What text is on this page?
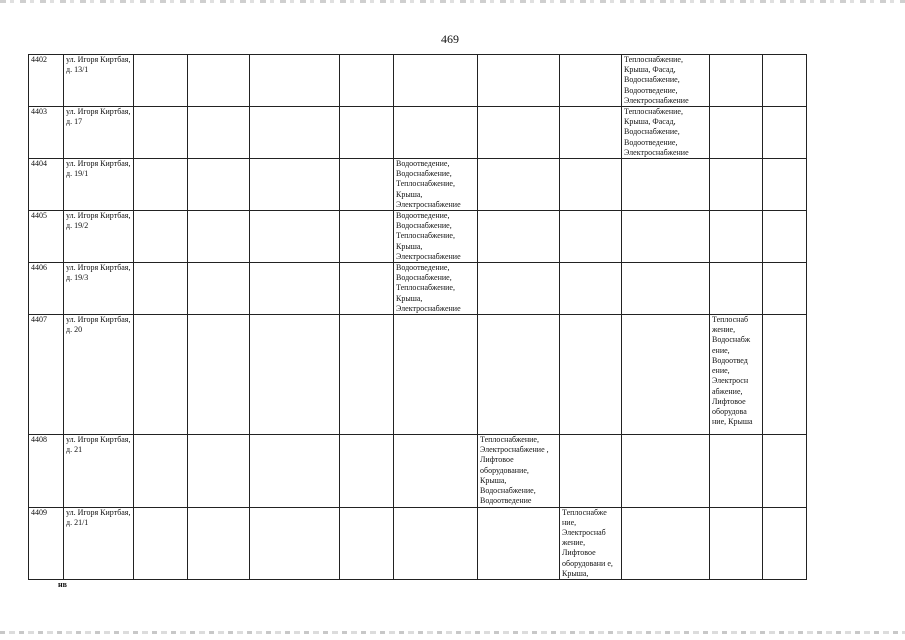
469
4402	ул. Игоря Киртбая, д. 13/1								Теплоснабжение, Крыша, Фасад, Водоснабжение, Водоотведение, Электроснабжение		
4403	ул. Игоря Киртбая, д. 17								Теплоснабжение, Крыша, Фасад, Водоснабжение, Водоотведение, Электроснабжение		
4404	ул. Игоря Киртбая, д. 19/1					Водоотведение, Водоснабжение, Теплоснабжение, Крыша, Электроснабжение					
4405	ул. Игоря Киртбая, д. 19/2					Водоотведение, Водоснабжение, Теплоснабжение, Крыша, Электроснабжение					
4406	ул. Игоря Киртбая, д. 19/3					Водоотведение, Водоснабжение, Теплоснабжение, Крыша, Электроснабжение					
4407	ул. Игоря Киртбая, д. 20									Теплоснаб жение, Водоснабж ение, Водоотвед ение, Электросн абжение, Лифтовое оборудова ние, Крыша	
4408	ул. Игоря Киртбая, д. 21						Теплоснабжение, Электроснабжение , Лифтовое оборудование, Крыша, Водоснабжение, Водоотведение				
4409	ул. Игоря Киртбая, д. 21/1							Теплоснабже ние, Электроснаб жение, Лифтовое оборудовани е, Крыша,			
нв
